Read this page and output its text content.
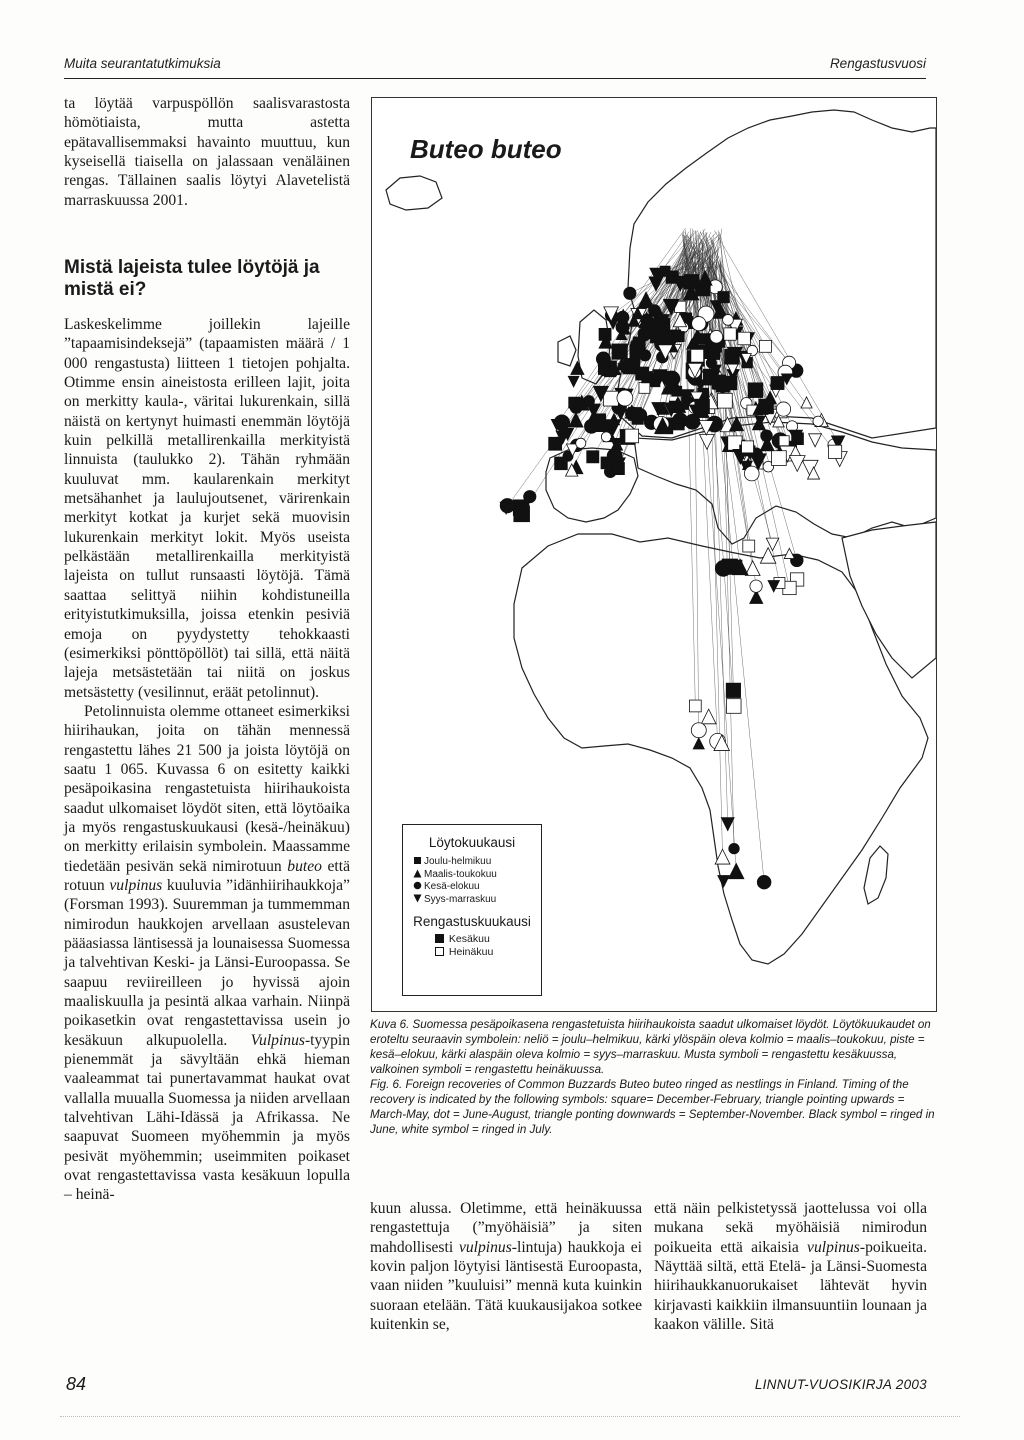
Muita seurantatutkimuksia	Rengastusvuosi

ta löytää varpuspöllön saalisvarastosta hömötiaista, mutta astetta epätavallisemmaksi havainto muuttuu, kun kyseisellä tiaisella on jalassaan venäläinen rengas. Tällainen saalis löytyi Alavetelistä marraskuussa 2001.

Mistä lajeista tulee löytöjä ja mistä ei?

Laskeskelimme joillekin lajeille ”tapaamisindeksejä” (tapaamisten määrä / 1 000 rengastusta) liitteen 1 tietojen pohjalta. Otimme ensin aineistosta erilleen lajit, joita on merkitty kaula-, väritai lukurenkain, sillä näistä on kertynyt huimasti enemmän löytöjä kuin pelkillä metallirenkailla merkityistä linnuista (taulukko 2). Tähän ryhmään kuuluvat mm. kaularenkain merkityt metsähanhet ja laulujoutsenet, värirenkain merkityt kotkat ja kurjet sekä muovisin lukurenkain merkityt lokit. Myös useista pelkästään metallirenkailla merkityistä lajeista on tullut runsaasti löytöjä. Tämä saattaa selittyä niihin kohdistuneilla erityistutkimuksilla, joissa etenkin pesiviä emoja on pyydystetty tehokkaasti (esimerkiksi pönttöpöllöt) tai sillä, että näitä lajeja metsästetään tai niitä on joskus metsästetty (vesilinnut, eräät petolinnut).

Petolinnuista olemme ottaneet esimerkiksi hiirihaukan, joita on tähän mennessä rengastettu lähes 21 500 ja joista löytöjä on saatu 1 065. Kuvassa 6 on esitetty kaikki pesäpoikasina rengastetuista hiirihaukoista saadut ulkomaiset löydöt siten, että löytöaika ja myös rengastuskuukausi (kesä-/heinäkuu) on merkitty erilaisin symbolein. Maassamme tiedetään pesivän sekä nimirotuun buteo että rotuun vulpinus kuuluvia ”idänhiirihaukkoja” (Forsman 1993). Suuremman ja tummemman nimirodun haukkojen arvellaan asustelevan pääasiassa läntisessä ja lounaisessa Suomessa ja talvehtivan Keski- ja Länsi-Euroopassa. Se saapuu reviireilleen jo hyvissä ajoin maaliskuulla ja pesintä alkaa varhain. Niinpä poikasetkin ovat rengastettavissa usein jo kesäkuun alkupuolella. Vulpinus-tyypin pienemmät ja sävyltään ehkä hieman vaaleammat tai punertavammat haukat ovat vallalla muualla Suomessa ja niiden arvellaan talvehtivan Lähi-Idässä ja Afrikassa. Ne saapuvat Suomeen myöhemmin ja myös pesivät myöhemmin; useimmiten poikaset ovat rengastettavissa vasta kesäkuun lopulla – heinä-

Buteo buteo
Löytokuukausi
Joulu-helmikuu
Maalis-toukokuu
Kesä-elokuu
Syys-marraskuu
Rengastuskuukausi
Kesäkuu
Heinäkuu

Kuva 6. Suomessa pesäpoikasena rengastetuista hiirihaukoista saadut ulkomaiset löydöt. Löytökuukaudet on eroteltu seuraavin symbolein: neliö = joulu–helmikuu, kärki ylöspäin oleva kolmio = maalis–toukokuu, piste = kesä–elokuu, kärki alaspäin oleva kolmio = syys–marraskuu. Musta symboli = rengastettu kesäkuussa, valkoinen symboli = rengastettu heinäkuussa.

Fig. 6. Foreign recoveries of Common Buzzards Buteo buteo ringed as nestlings in Finland. Timing of the recovery is indicated by the following symbols: square= December-February, triangle pointing upwards = March-May, dot = June-August, triangle ponting downwards = September-November. Black symbol = ringed in June, white symbol = ringed in July.

kuun alussa. Oletimme, että heinäkuussa rengastettuja (”myöhäisiä” ja siten mahdollisesti vulpinus-lintuja) haukkoja ei kovin paljon löytyisi läntisestä Euroopasta, vaan niiden ”kuuluisi” mennä kuta kuinkin suoraan etelään. Tätä kuukausijakoa sotkee kuitenkin se,

että näin pelkistetyssä jaottelussa voi olla mukana sekä myöhäisiä nimirodun poikueita että aikaisia vulpinus-poikueita. Näyttää siltä, että Etelä- ja Länsi-Suomesta hiirihaukkanuorukaiset lähtevät hyvin kirjavasti kaikkiin ilmansuuntiin lounaan ja kaakon välille. Sitä

84	LINNUT-VUOSIKIRJA 2003
